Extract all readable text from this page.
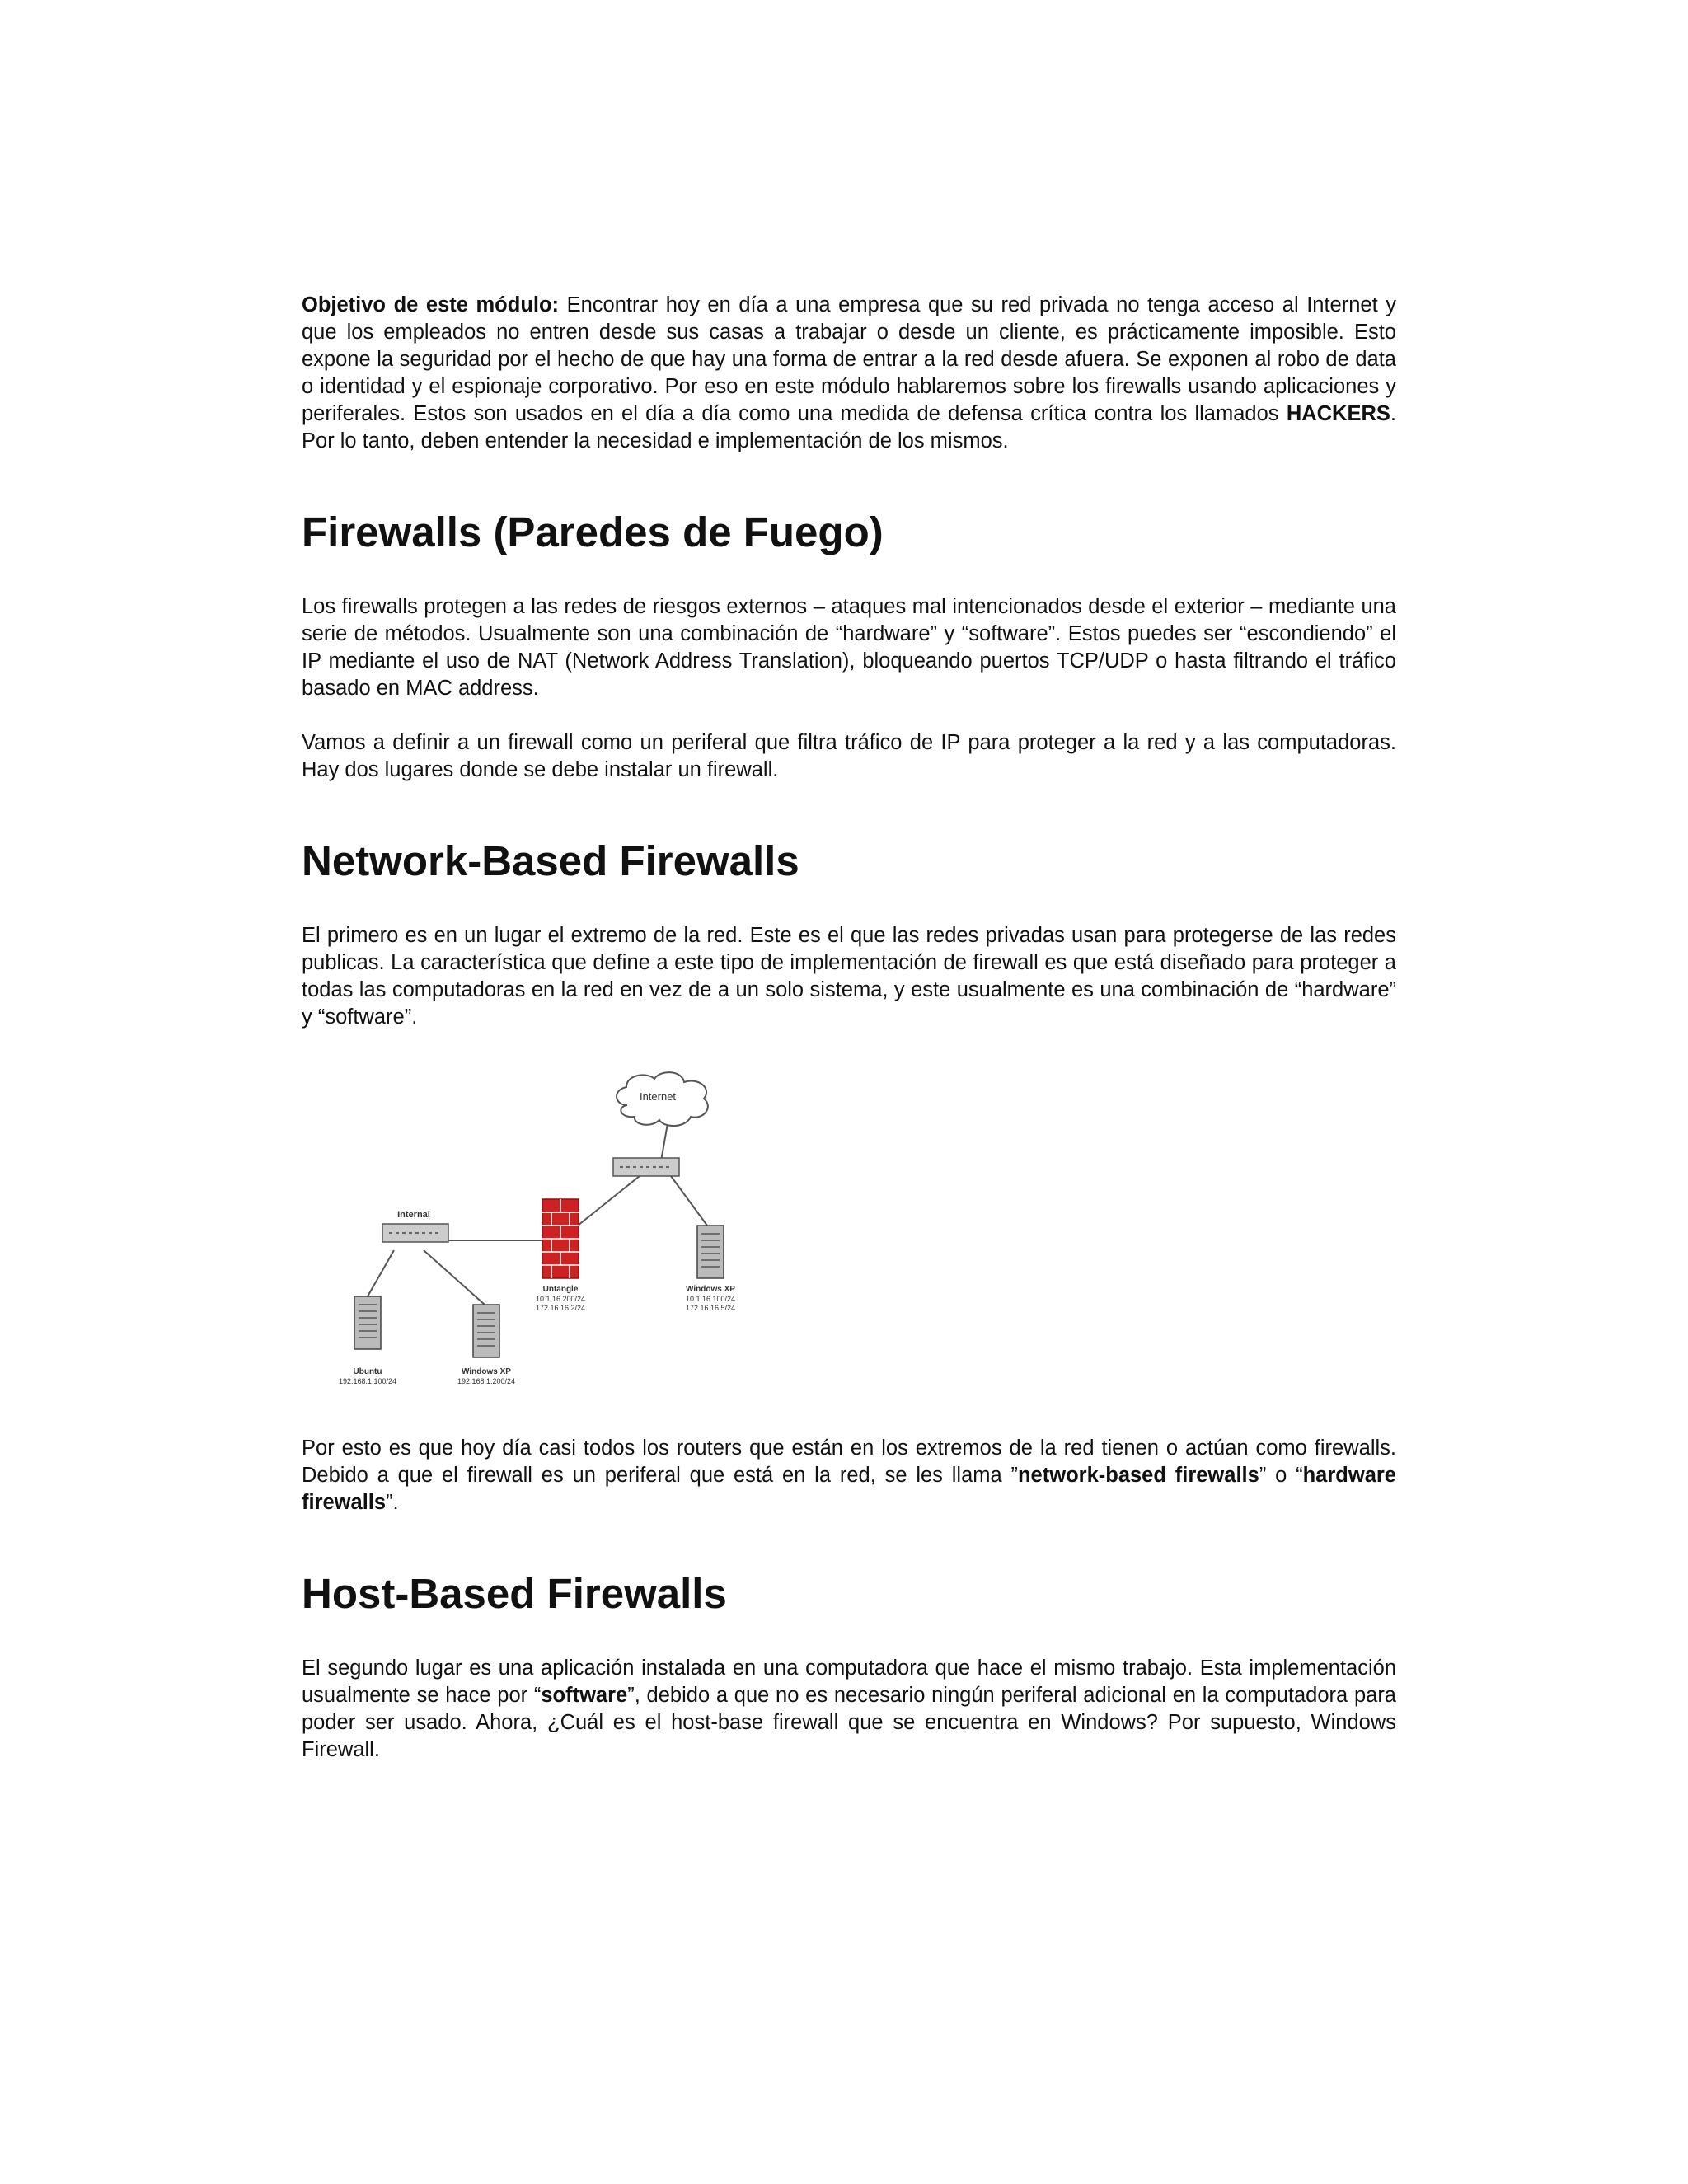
Objetivo de este módulo: Encontrar hoy en día a una empresa que su red privada no tenga acceso al Internet y que los empleados no entren desde sus casas a trabajar o desde un cliente, es prácticamente imposible. Esto expone la seguridad por el hecho de que hay una forma de entrar a la red desde afuera. Se exponen al robo de data o identidad y el espionaje corporativo. Por eso en este módulo hablaremos sobre los firewalls usando aplicaciones y periferales. Estos son usados en el día a día como una medida de defensa crítica contra los llamados HACKERS. Por lo tanto, deben entender la necesidad e implementación de los mismos.

Firewalls (Paredes de Fuego)

Los firewalls protegen a las redes de riesgos externos – ataques mal intencionados desde el exterior – mediante una serie de métodos. Usualmente son una combinación de “hardware” y “software”. Estos puedes ser “escondiendo” el IP mediante el uso de NAT (Network Address Translation), bloqueando puertos TCP/UDP o hasta filtrando el tráfico basado en MAC address.

Vamos a definir a un firewall como un periferal que filtra tráfico de IP para proteger a la red y a las computadoras. Hay dos lugares donde se debe instalar un firewall.

Network-Based Firewalls

El primero es en un lugar el extremo de la red. Este es el que las redes privadas usan para protegerse de las redes publicas. La característica que define a este tipo de implementación de firewall es que está diseñado para proteger a todas las computadoras en la red en vez de a un solo sistema, y este usualmente es una combinación de “hardware” y “software”.

Internet
Internal
Untangle
10.1.16.200/24
172.16.16.2/24
Windows XP
10.1.16.100/24
172.16.16.5/24
Ubuntu
192.168.1.100/24
Windows XP
192.168.1.200/24

Por esto es que hoy día casi todos los routers que están en los extremos de la red tienen o actúan como firewalls. Debido a que el firewall es un periferal que está en la red, se les llama ”network-based firewalls” o “hardware firewalls”.

Host-Based Firewalls

El segundo lugar es una aplicación instalada en una computadora que hace el mismo trabajo. Esta implementación usualmente se hace por “software”, debido a que no es necesario ningún periferal adicional en la computadora para poder ser usado. Ahora, ¿Cuál es el host-base firewall que se encuentra en Windows? Por supuesto, Windows Firewall.
